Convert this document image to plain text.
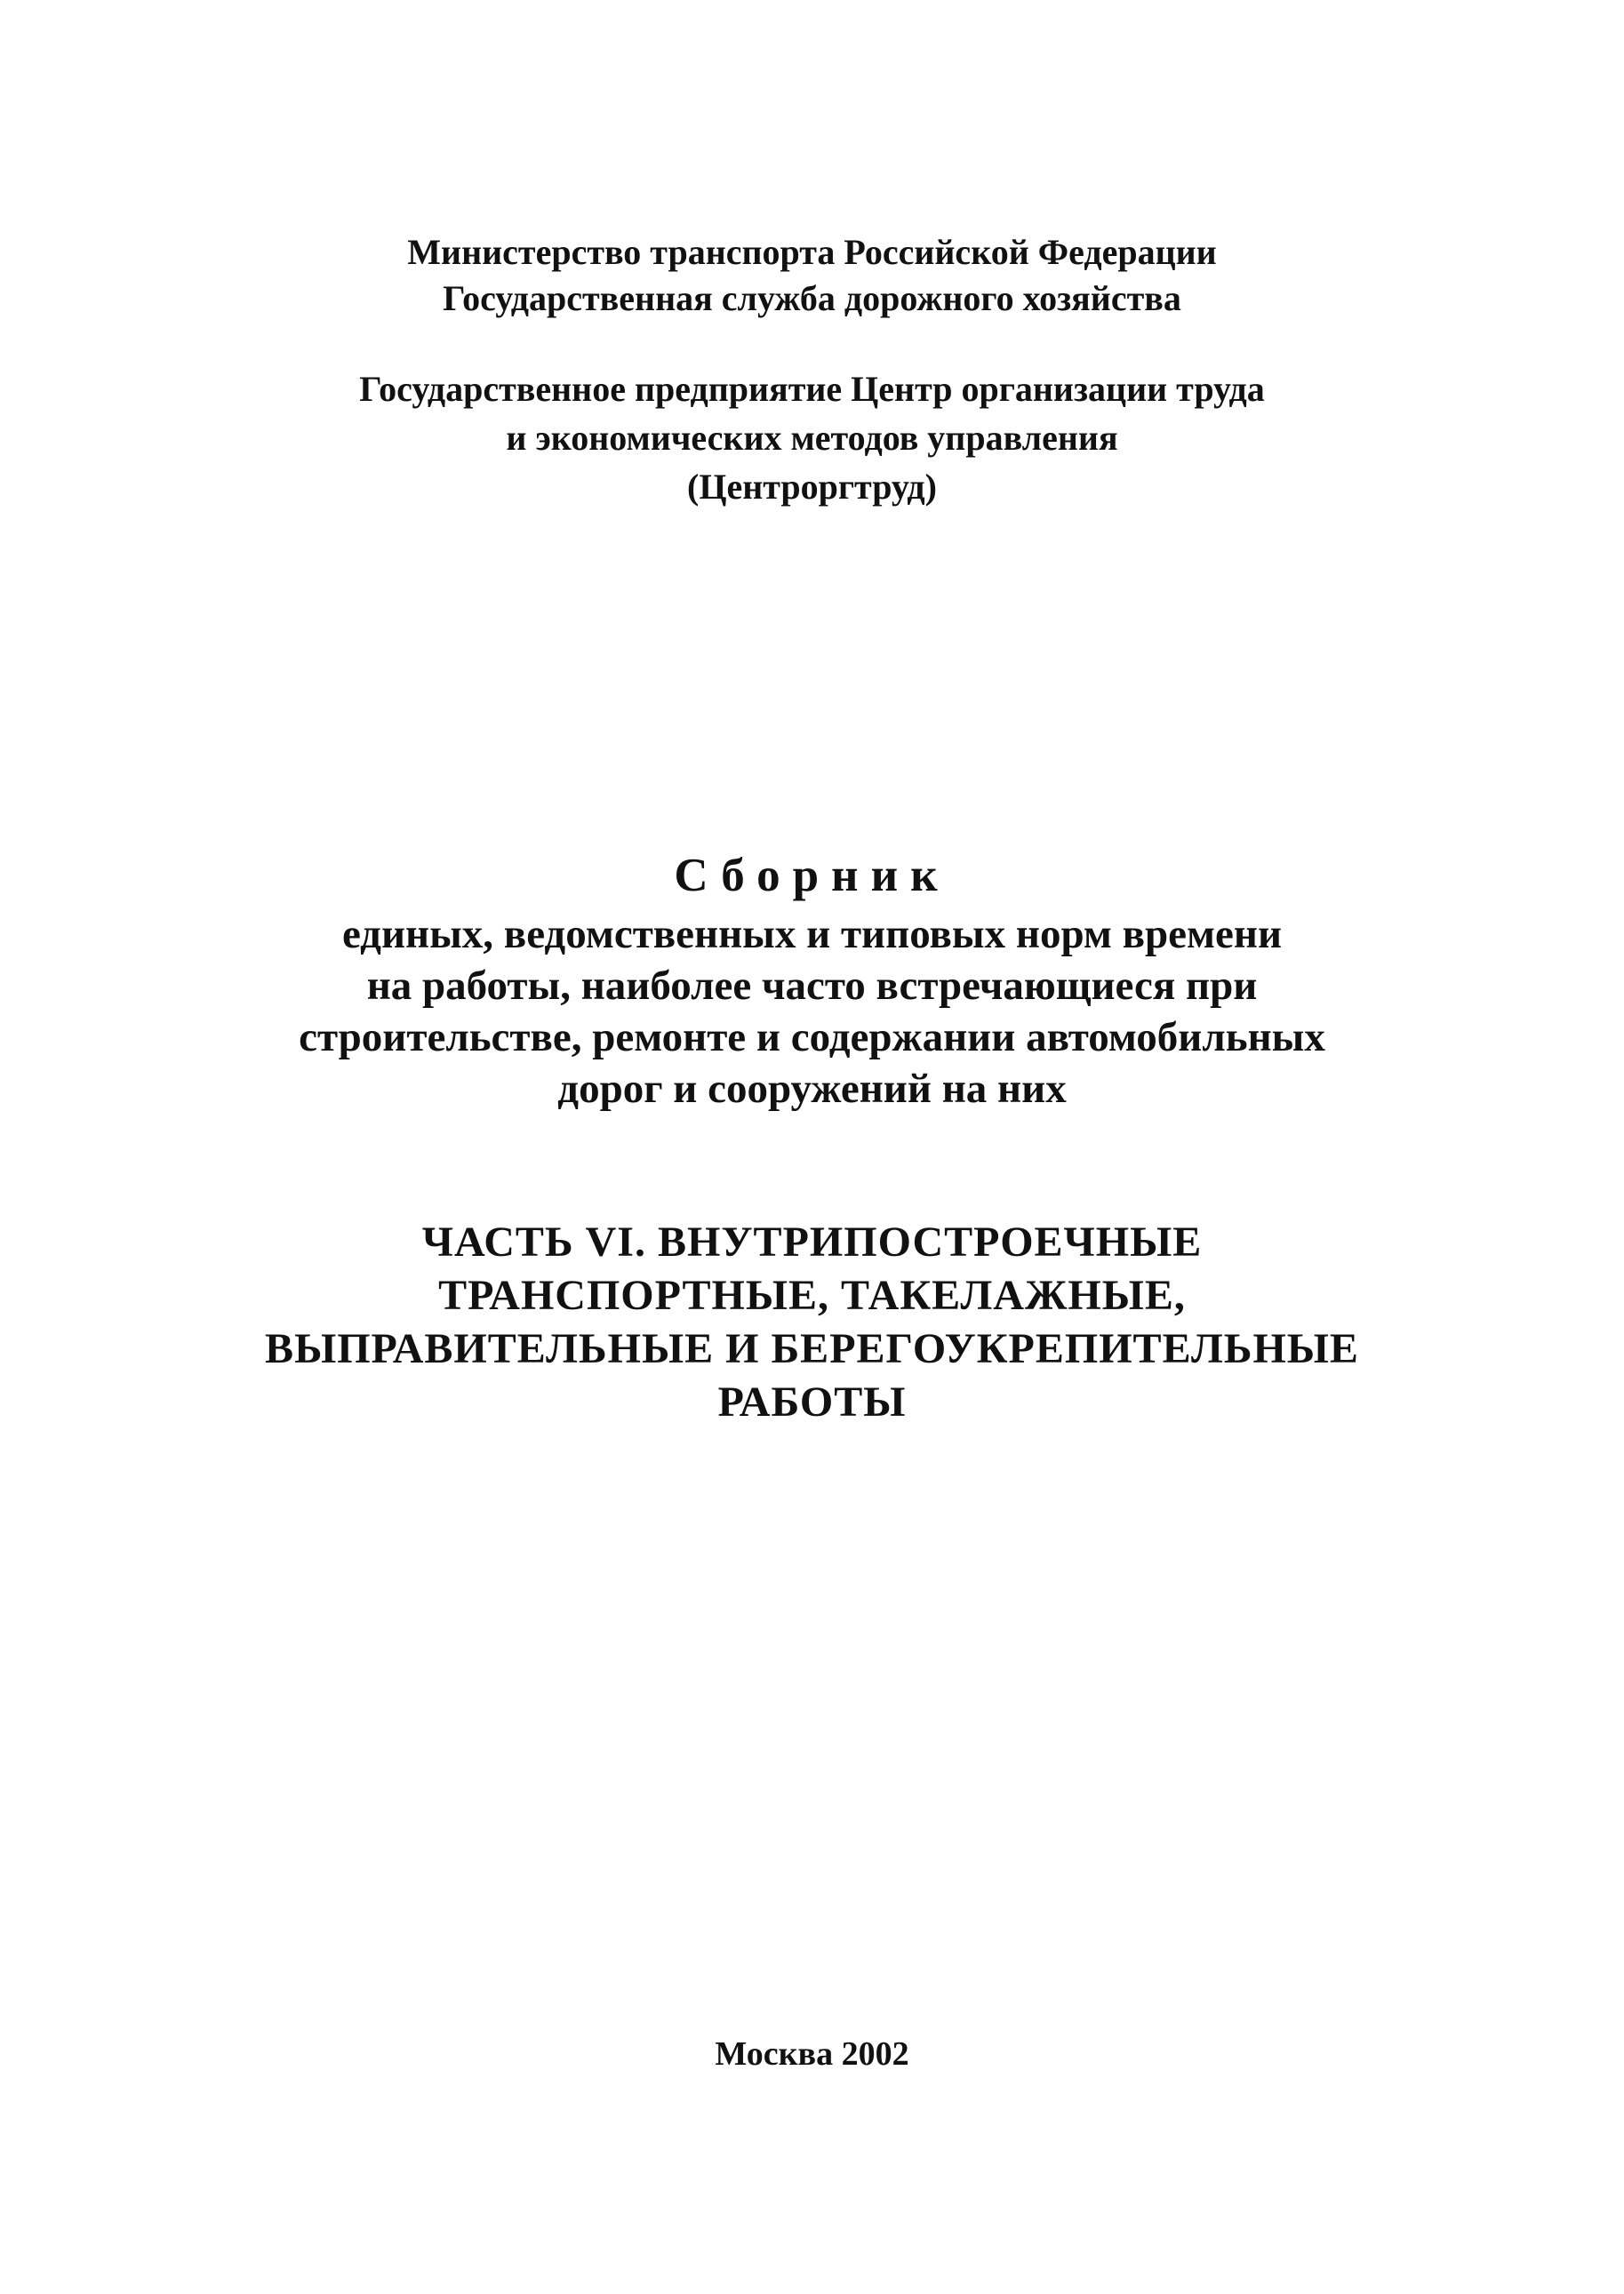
Министерство транспорта Российской Федерации
Государственная служба дорожного хозяйства
Государственное предприятие Центр организации труда
и экономических методов управления
(Центроргтруд)
Сборник
единых, ведомственных и типовых норм времени
на работы, наиболее часто встречающиеся при
строительстве, ремонте и содержании автомобильных
дорог и сооружений на них
ЧАСТЬ VI. ВНУТРИПОСТРОЕЧНЫЕ
ТРАНСПОРТНЫЕ, ТАКЕЛАЖНЫЕ,
ВЫПРАВИТЕЛЬНЫЕ И БЕРЕГОУКРЕПИТЕЛЬНЫЕ
РАБОТЫ
Москва 2002
